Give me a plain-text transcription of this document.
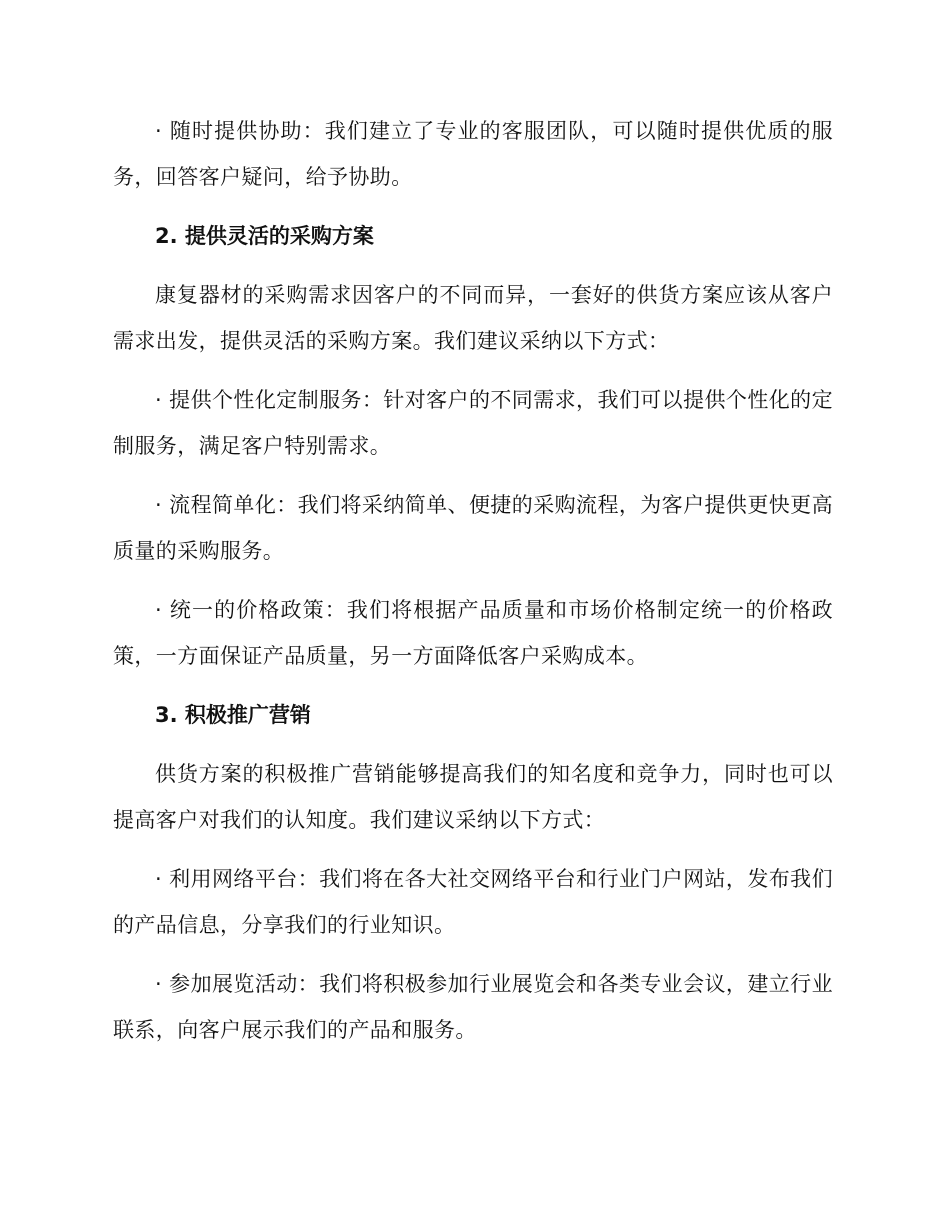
· 随时提供协助：我们建立了专业的客服团队，可以随时提供优质的服务，回答客户疑问，给予协助。

2. 提供灵活的采购方案

康复器材的采购需求因客户的不同而异，一套好的供货方案应该从客户需求出发，提供灵活的采购方案。我们建议采纳以下方式：

· 提供个性化定制服务：针对客户的不同需求，我们可以提供个性化的定制服务，满足客户特别需求。

· 流程简单化：我们将采纳简单、便捷的采购流程，为客户提供更快更高质量的采购服务。

· 统一的价格政策：我们将根据产品质量和市场价格制定统一的价格政策，一方面保证产品质量，另一方面降低客户采购成本。

3. 积极推广营销

供货方案的积极推广营销能够提高我们的知名度和竞争力，同时也可以提高客户对我们的认知度。我们建议采纳以下方式：

· 利用网络平台：我们将在各大社交网络平台和行业门户网站，发布我们的产品信息，分享我们的行业知识。

· 参加展览活动：我们将积极参加行业展览会和各类专业会议，建立行业联系，向客户展示我们的产品和服务。
